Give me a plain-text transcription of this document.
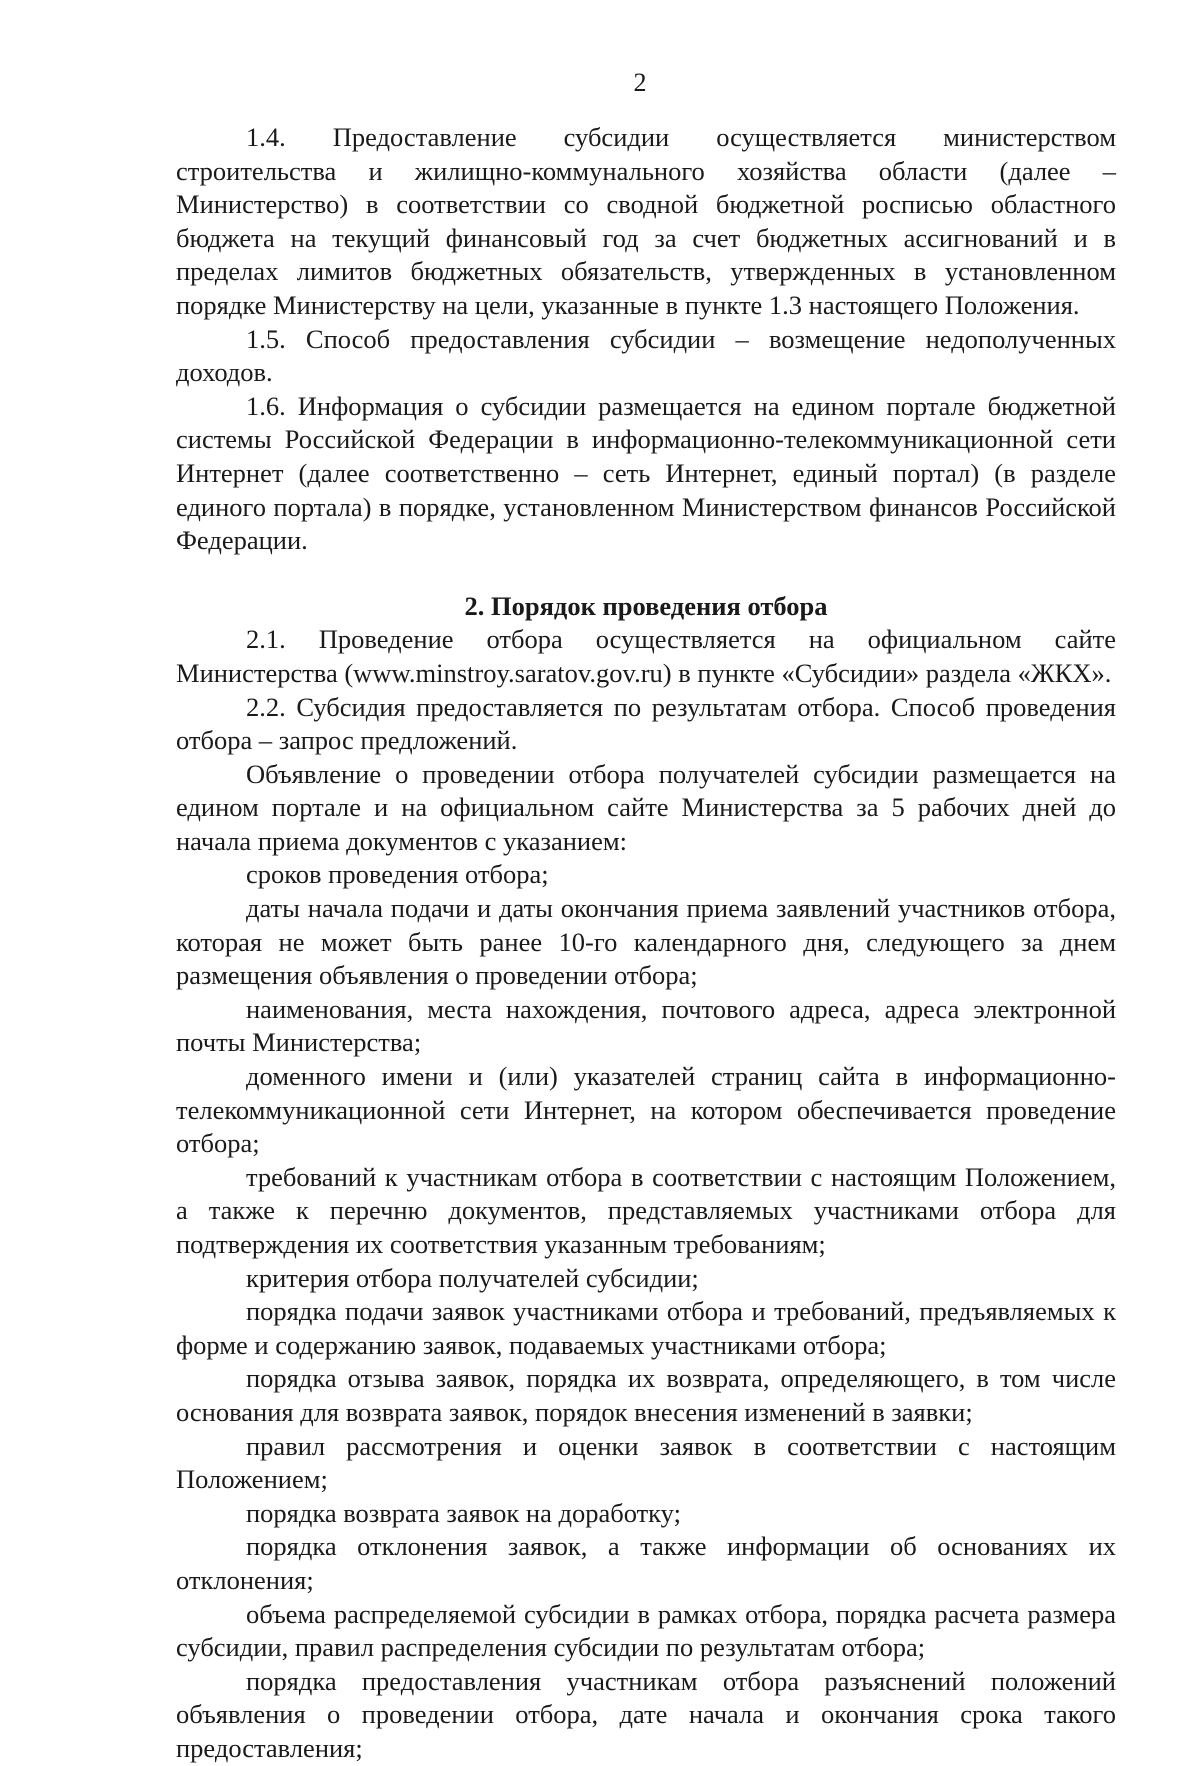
2

1.4. Предоставление субсидии осуществляется министерством строительства и жилищно-коммунального хозяйства области (далее – Министерство) в соответствии со сводной бюджетной росписью областного бюджета на текущий финансовый год за счет бюджетных ассигнований и в пределах лимитов бюджетных обязательств, утвержденных в установленном порядке Министерству на цели, указанные в пункте 1.3 настоящего Положения.

1.5. Способ предоставления субсидии – возмещение недополученных доходов.

1.6. Информация о субсидии размещается на едином портале бюджетной системы Российской Федерации в информационно-телекоммуникационной сети Интернет (далее соответственно – сеть Интернет, единый портал) (в разделе единого портала) в порядке, установленном Министерством финансов Российской Федерации.

2. Порядок проведения отбора

2.1. Проведение отбора осуществляется на официальном сайте Министерства (www.minstroy.saratov.gov.ru) в пункте «Субсидии» раздела «ЖКХ».

2.2. Субсидия предоставляется по результатам отбора. Способ проведения отбора – запрос предложений.

Объявление о проведении отбора получателей субсидии размещается на едином портале и на официальном сайте Министерства за 5 рабочих дней до начала приема документов с указанием:

сроков проведения отбора;

даты начала подачи и даты окончания приема заявлений участников отбора, которая не может быть ранее 10-го календарного дня, следующего за днем размещения объявления о проведении отбора;

наименования, места нахождения, почтового адреса, адреса электронной почты Министерства;

доменного имени и (или) указателей страниц сайта в информационно-телекоммуникационной сети Интернет, на котором обеспечивается проведение отбора;

требований к участникам отбора в соответствии с настоящим Положением, а также к перечню документов, представляемых участниками отбора для подтверждения их соответствия указанным требованиям;

критерия отбора получателей субсидии;

порядка подачи заявок участниками отбора и требований, предъявляемых к форме и содержанию заявок, подаваемых участниками отбора;

порядка отзыва заявок, порядка их возврата, определяющего, в том числе основания для возврата заявок, порядок внесения изменений в заявки;

правил рассмотрения и оценки заявок в соответствии с настоящим Положением;

порядка возврата заявок на доработку;

порядка отклонения заявок, а также информации об основаниях их отклонения;

объема распределяемой субсидии в рамках отбора, порядка расчета размера субсидии, правил распределения субсидии по результатам отбора;

порядка предоставления участникам отбора разъяснений положений объявления о проведении отбора, дате начала и окончания срока такого предоставления;
